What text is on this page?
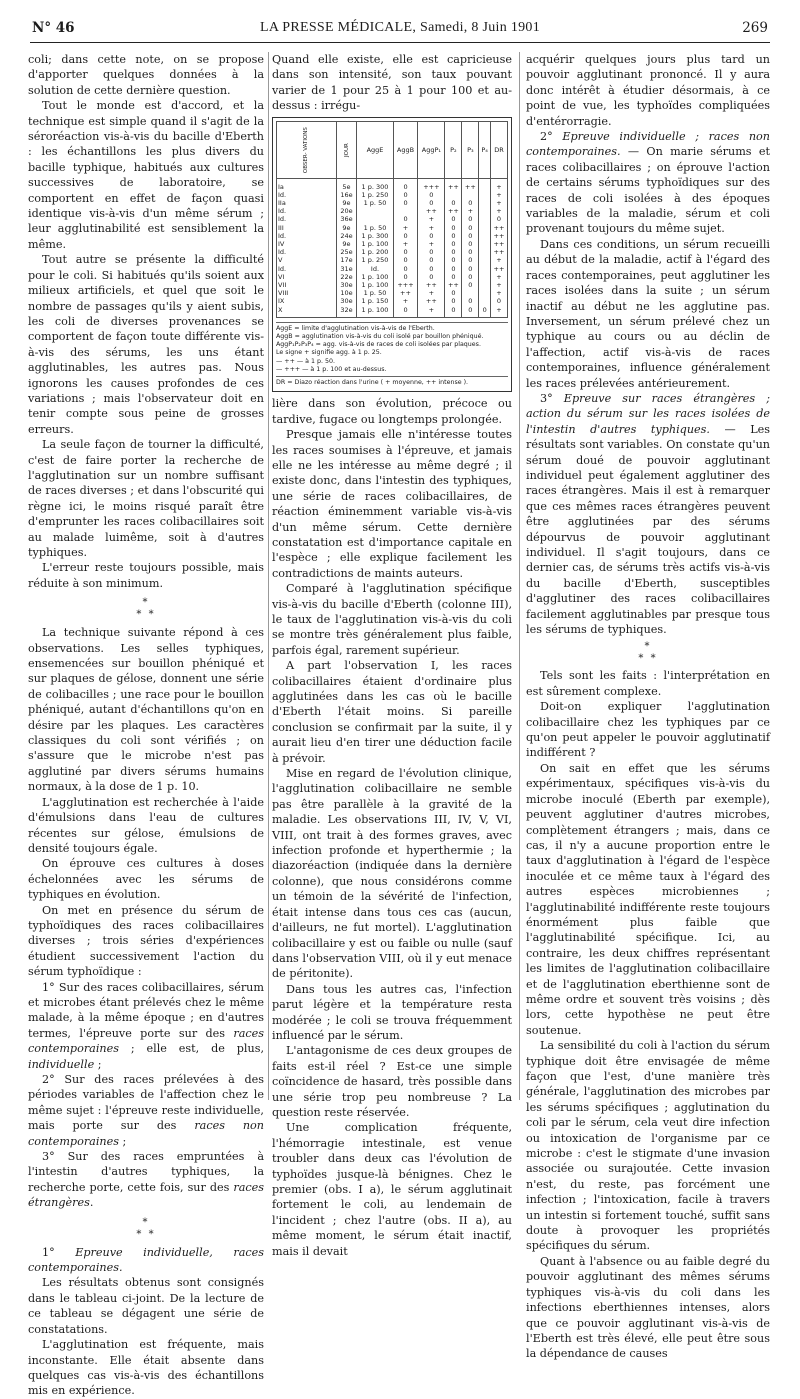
N° 46	LA PRESSE MÉDICALE, Samedi, 8 Juin 1901	269

coli; dans cette note, on se propose d'apporter quelques données à la solution de cette dernière question.

Tout le monde est d'accord, et la technique est simple quand il s'agit de la séroréaction vis-à-vis du bacille d'Eberth : les échantillons les plus divers du bacille typhique, habitués aux cultures successives de laboratoire, se comportent en effet de façon quasi identique vis-à-vis d'un même sérum ; leur agglutinabilité est sensiblement la même.

Tout autre se présente la difficulté pour le coli. Si habitués qu'ils soient aux milieux artificiels, et quel que soit le nombre de passages qu'ils y aient subis, les coli de diverses provenances se comportent de façon toute différente vis-à-vis des sérums, les uns étant agglutinables, les autres pas. Nous ignorons les causes profondes de ces variations ; mais l'observateur doit en tenir compte sous peine de grosses erreurs.

La seule façon de tourner la difficulté, c'est de faire porter la recherche de l'agglutination sur un nombre suffisant de races diverses ; et dans l'obscurité qui règne ici, le moins risqué paraît être d'emprunter les races colibacillaires soit au malade luimême, soit à d'autres typhiques.

L'erreur reste toujours possible, mais réduite à son minimum.

*
* *

La technique suivante répond à ces observations. Les selles typhiques, ensemencées sur bouillon phéniqué et sur plaques de gélose, donnent une série de colibacilles ; une race pour le bouillon phéniqué, autant d'échantillons qu'on en désire par les plaques. Les caractères classiques du coli sont vérifiés ; on s'assure que le microbe n'est pas agglutiné par divers sérums humains normaux, à la dose de 1 p. 10.

L'agglutination est recherchée à l'aide d'émulsions dans l'eau de cultures récentes sur gélose, émulsions de densité toujours égale.

On éprouve ces cultures à doses échelonnées avec les sérums de typhiques en évolution.

On met en présence du sérum de typhoïdiques des races colibacillaires diverses ; trois séries d'expériences étudient successivement l'action du sérum typhoïdique :

1° Sur des races colibacillaires, sérum et microbes étant prélevés chez le même malade, à la même époque ; en d'autres termes, l'épreuve porte sur des races contemporaines ; elle est, de plus, individuelle ;

2° Sur des races prélevées à des périodes variables de l'affection chez le même sujet : l'épreuve reste individuelle, mais porte sur des races non contemporaines ;

3° Sur des races empruntées à l'intestin d'autres typhiques, la recherche porte, cette fois, sur des races étrangères.

*
* *

1° Epreuve individuelle, races contemporaines.

Les résultats obtenus sont consignés dans le tableau ci-joint. De la lecture de ce tableau se dégagent une série de constatations.

L'agglutination est fréquente, mais inconstante. Elle était absente dans quelques cas vis-à-vis des échantillons mis en expérience.

Quand elle existe, elle est capricieuse dans son intensité, son taux pouvant varier de 1 pour 25 à 1 pour 100 et au-dessus : irrégu-

OBSER- VATIONS	JOUR	AggE	AggB	AggP₁	P₂	P₃	P₄	DR
Ia	5e	1 p. 300	0	+++	++	++		+
Id.	16e	1 p. 250	0	0				+
IIa	9e	1 p. 50	0	0	0	0		+
Id.	20e			++	++	+		+
Id.	36e		0	+	0	0		0
III	9e	1 p. 50	+	+	0	0		++
Id.	24e	1 p. 300	0	0	0	0		++
IV	9e	1 p. 100	+	+	0	0		++
Id.	25e	1 p. 200	0	0	0	0		++
V	17e	1 p. 250	0	0	0	0		+
Id.	31e	Id.	0	0	0	0		++
VI	22e	1 p. 100	0	0	0	0		+
VII	30e	1 p. 100	+++	++	++	0		+
VIII	10e	1 p. 50	++	+	0			+
IX	30e	1 p. 150	+	++	0	0		0
X	32e	1 p. 100	0	+	0	0	0	+
AggE = limite d'agglutination vis-à-vis de l'Eberth.
AggB = agglutination vis-à-vis du coli isolé par bouillon phéniqué.
AggP₁P₂P₃P₄ = agg. vis-à-vis de races de coli isolées par plaques.
Le signe + signifie agg. à 1 p. 25.
— ++ — à 1 p. 50.
— +++ — à 1 p. 100 et au-dessus.
DR = Diazo réaction dans l'urine ( + moyenne, ++ intense ).

lière dans son évolution, précoce ou tardive, fugace ou longtemps prolongée.

Presque jamais elle n'intéresse toutes les races soumises à l'épreuve, et jamais elle ne les intéresse au même degré ; il existe donc, dans l'intestin des typhiques, une série de races colibacillaires, de réaction éminemment variable vis-à-vis d'un même sérum. Cette dernière constatation est d'importance capitale en l'espèce ; elle explique facilement les contradictions de maints auteurs.

Comparé à l'agglutination spécifique vis-à-vis du bacille d'Eberth (colonne III), le taux de l'agglutination vis-à-vis du coli se montre très généralement plus faible, parfois égal, rarement supérieur.

A part l'observation I, les races colibacillaires étaient d'ordinaire plus agglutinées dans les cas où le bacille d'Eberth l'était moins. Si pareille conclusion se confirmait par la suite, il y aurait lieu d'en tirer une déduction facile à prévoir.

Mise en regard de l'évolution clinique, l'agglutination colibacillaire ne semble pas être parallèle à la gravité de la maladie. Les observations III, IV, V, VI, VIII, ont trait à des formes graves, avec infection profonde et hyperthermie ; la diazoréaction (indiquée dans la dernière colonne), que nous considérons comme un témoin de la sévérité de l'infection, était intense dans tous ces cas (aucun, d'ailleurs, ne fut mortel). L'agglutination colibacillaire y est ou faible ou nulle (sauf dans l'observation VIII, où il y eut menace de péritonite).

Dans tous les autres cas, l'infection parut légère et la température resta modérée ; le coli se trouva fréquemment influencé par le sérum.

L'antagonisme de ces deux groupes de faits est-il réel ? Est-ce une simple coïncidence de hasard, très possible dans une série trop peu nombreuse ? La question reste réservée.

Une complication fréquente, l'hémorragie intestinale, est venue troubler dans deux cas l'évolution de typhoïdes jusque-là bénignes. Chez le premier (obs. I a), le sérum agglutinait fortement le coli, au lendemain de l'incident ; chez l'autre (obs. II a), au même moment, le sérum était inactif, mais il devait

acquérir quelques jours plus tard un pouvoir agglutinant prononcé. Il y aura donc intérêt à étudier désormais, à ce point de vue, les typhoïdes compliquées d'entérorragie.

2° Epreuve individuelle ; races non contemporaines. — On marie sérums et races colibacillaires ; on éprouve l'action de certains sérums typhoïdiques sur des races de coli isolées à des époques variables de la maladie, sérum et coli provenant toujours du même sujet.

Dans ces conditions, un sérum recueilli au début de la maladie, actif à l'égard des races contemporaines, peut agglutiner les races isolées dans la suite ; un sérum inactif au début ne les agglutine pas. Inversement, un sérum prélevé chez un typhique au cours ou au déclin de l'affection, actif vis-à-vis de races contemporaines, influence généralement les races prélevées antérieurement.

3° Epreuve sur races étrangères ; action du sérum sur les races isolées de l'intestin d'autres typhiques. — Les résultats sont variables. On constate qu'un sérum doué de pouvoir agglutinant individuel peut également agglutiner des races étrangères. Mais il est à remarquer que ces mêmes races étrangères peuvent être agglutinées par des sérums dépourvus de pouvoir agglutinant individuel. Il s'agit toujours, dans ce dernier cas, de sérums très actifs vis-à-vis du bacille d'Eberth, susceptibles d'agglutiner des races colibacillaires facilement agglutinables par presque tous les sérums de typhiques.

*
* *

Tels sont les faits : l'interprétation en est sûrement complexe.

Doit-on expliquer l'agglutination colibacillaire chez les typhiques par ce qu'on peut appeler le pouvoir agglutinatif indifférent ?

On sait en effet que les sérums expérimentaux, spécifiques vis-à-vis du microbe inoculé (Eberth par exemple), peuvent agglutiner d'autres microbes, complètement étrangers ; mais, dans ce cas, il n'y a aucune proportion entre le taux d'agglutination à l'égard de l'espèce inoculée et ce même taux à l'égard des autres espèces microbiennes ; l'agglutinabilité indifférente reste toujours énormément plus faible que l'agglutinabilité spécifique. Ici, au contraire, les deux chiffres représentant les limites de l'agglutination colibacillaire et de l'agglutination eberthienne sont de même ordre et souvent très voisins ; dès lors, cette hypothèse ne peut être soutenue.

La sensibilité du coli à l'action du sérum typhique doit être envisagée de même façon que l'est, d'une manière très générale, l'agglutination des microbes par les sérums spécifiques ; agglutination du coli par le sérum, cela veut dire infection ou intoxication de l'organisme par ce microbe : c'est le stigmate d'une invasion associée ou surajoutée. Cette invasion n'est, du reste, pas forcément une infection ; l'intoxication, facile à travers un intestin si fortement touché, suffit sans doute à provoquer les propriétés spécifiques du sérum.

Quant à l'absence ou au faible degré du pouvoir agglutinant des mêmes sérums typhiques vis-à-vis du coli dans les infections eberthiennes intenses, alors que ce pouvoir agglutinant vis-à-vis de l'Eberth est très élevé, elle peut être sous la dépendance de causes
